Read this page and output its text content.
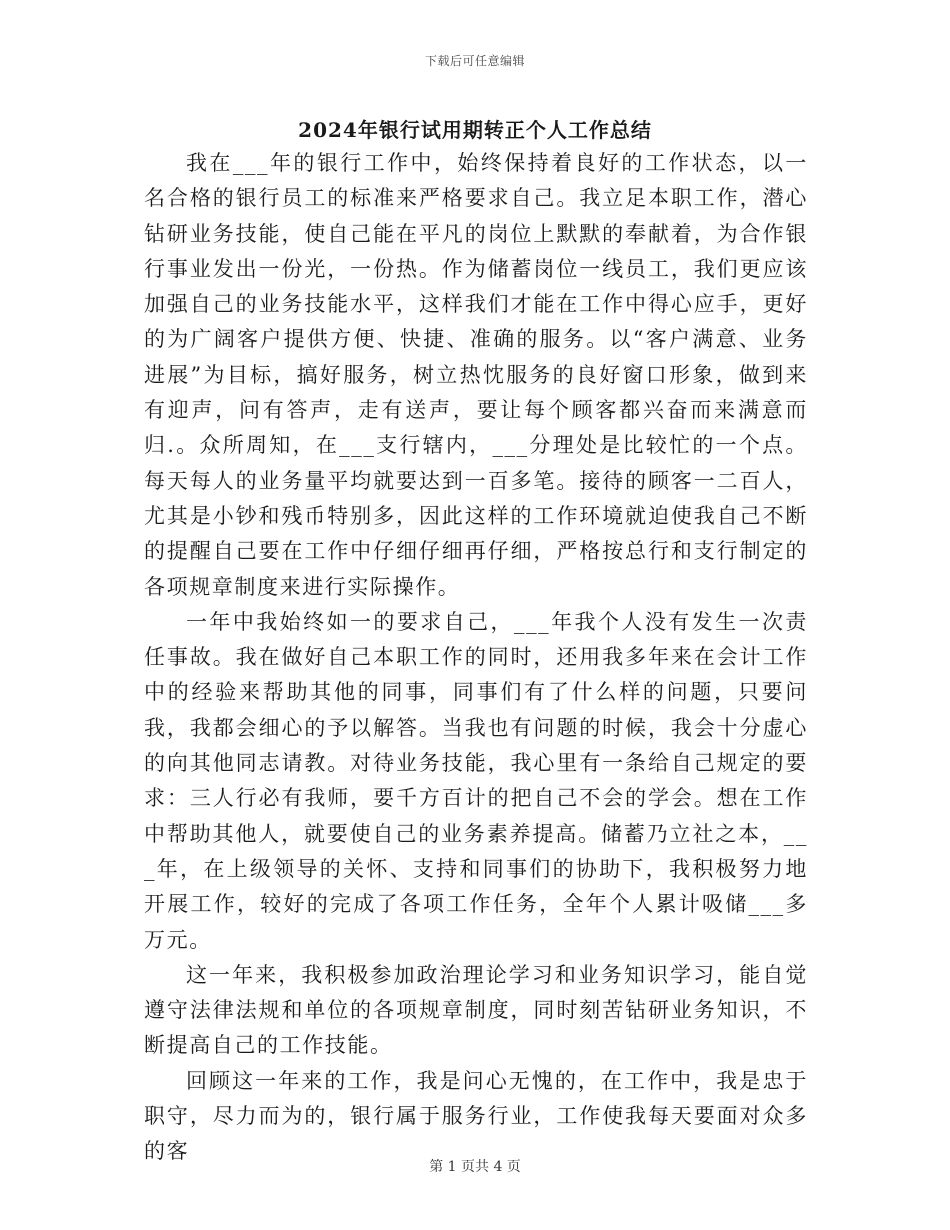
下载后可任意编辑
2024年银行试用期转正个人工作总结

我在___年的银行工作中，始终保持着良好的工作状态，以一名合格的银行员工的标准来严格要求自己。我立足本职工作，潜心钻研业务技能，使自己能在平凡的岗位上默默的奉献着，为合作银行事业发出一份光，一份热。作为储蓄岗位一线员工，我们更应该加强自己的业务技能水平，这样我们才能在工作中得心应手，更好的为广阔客户提供方便、快捷、准确的服务。以“客户满意、业务进展”为目标，搞好服务，树立热忱服务的良好窗口形象，做到来有迎声，问有答声，走有送声，要让每个顾客都兴奋而来满意而归.。众所周知，在___支行辖内，___分理处是比较忙的一个点。每天每人的业务量平均就要达到一百多笔。接待的顾客一二百人，尤其是小钞和残币特别多，因此这样的工作环境就迫使我自己不断的提醒自己要在工作中仔细仔细再仔细，严格按总行和支行制定的各项规章制度来进行实际操作。

一年中我始终如一的要求自己，___年我个人没有发生一次责任事故。我在做好自己本职工作的同时，还用我多年来在会计工作中的经验来帮助其他的同事，同事们有了什么样的问题，只要问我，我都会细心的予以解答。当我也有问题的时候，我会十分虚心的向其他同志请教。对待业务技能，我心里有一条给自己规定的要求：三人行必有我师，要千方百计的把自己不会的学会。想在工作中帮助其他人，就要使自己的业务素养提高。储蓄乃立社之本，___年，在上级领导的关怀、支持和同事们的协助下，我积极努力地开展工作，较好的完成了各项工作任务，全年个人累计吸储___多万元。

这一年来，我积极参加政治理论学习和业务知识学习，能自觉遵守法律法规和单位的各项规章制度，同时刻苦钻研业务知识，不断提高自己的工作技能。

回顾这一年来的工作，我是问心无愧的，在工作中，我是忠于职守，尽力而为的，银行属于服务行业，工作使我每天要面对众多的客

第 1 页共 4 页
